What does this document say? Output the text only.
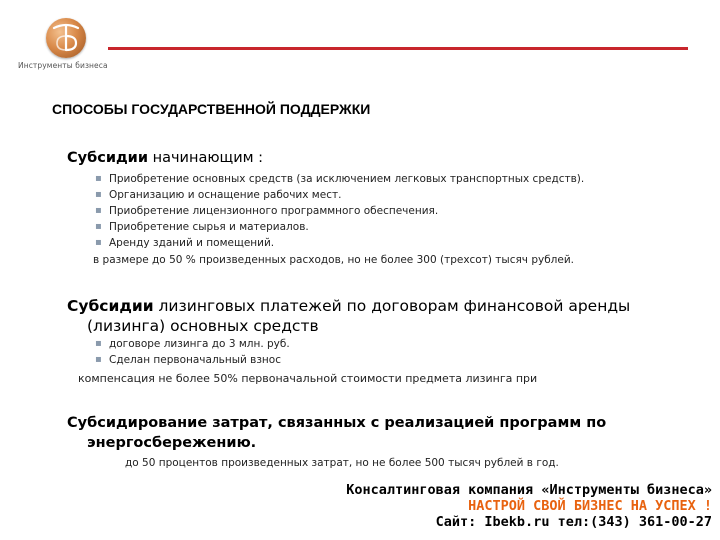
Инструменты бизнеса
СПОСОБЫ ГОСУДАРСТВЕННОЙ ПОДДЕРЖКИ
Субсидии начинающим :
▪ Приобретение основных средств (за исключением легковых транспортных средств).
▪ Организацию и оснащение рабочих мест.
▪ Приобретение лицензионного программного обеспечения.
▪ Приобретение сырья и материалов.
▪ Аренду зданий и помещений.
в размере до 50 % произведенных расходов, но не более 300 (трехсот) тысяч рублей.
Субсидии лизинговых платежей по договорам финансовой аренды
(лизинга) основных средств
▪ договоре лизинга до 3 млн. руб.
▪ Сделан первоначальный взнос
компенсация не более 50% первоначальной стоимости предмета лизинга при
Субсидирование затрат, связанных с реализацией программ по
энергосбережению.
до 50 процентов произведенных затрат, но не более 500 тысяч рублей в год.
Консалтинговая компания «Инструменты бизнеса»
НАСТРОЙ СВОЙ БИЗНЕС НА УСПЕХ !
Сайт: Ibekb.ru тел:(343) 361-00-27
